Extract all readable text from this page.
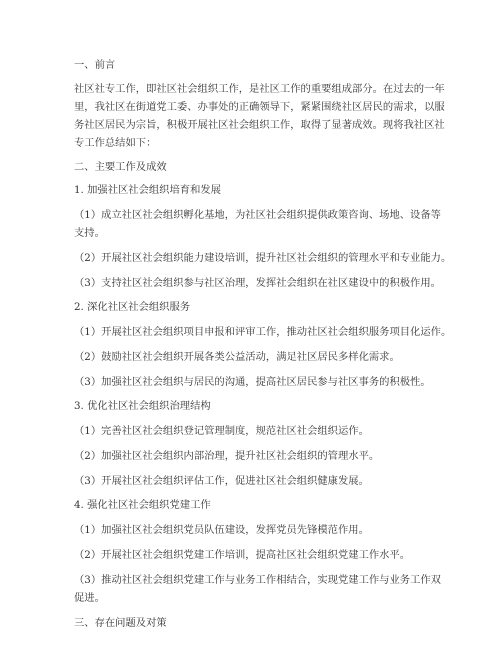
一、前言
社区社专工作，即社区社会组织工作，是社区工作的重要组成部分。在过去的一年
里，我社区在街道党工委、办事处的正确领导下，紧紧围绕社区居民的需求，以服
务社区居民为宗旨，积极开展社区社会组织工作，取得了显著成效。现将我社区社
专工作总结如下：
二、主要工作及成效
1. 加强社区社会组织培育和发展
（1）成立社区社会组织孵化基地，为社区社会组织提供政策咨询、场地、设备等
支持。
（2）开展社区社会组织能力建设培训，提升社区社会组织的管理水平和专业能力。
（3）支持社区社会组织参与社区治理，发挥社会组织在社区建设中的积极作用。
2. 深化社区社会组织服务
（1）开展社区社会组织项目申报和评审工作，推动社区社会组织服务项目化运作。
（2）鼓励社区社会组织开展各类公益活动，满足社区居民多样化需求。
（3）加强社区社会组织与居民的沟通，提高社区居民参与社区事务的积极性。
3. 优化社区社会组织治理结构
（1）完善社区社会组织登记管理制度，规范社区社会组织运作。
（2）加强社区社会组织内部治理，提升社区社会组织的管理水平。
（3）开展社区社会组织评估工作，促进社区社会组织健康发展。
4. 强化社区社会组织党建工作
（1）加强社区社会组织党员队伍建设，发挥党员先锋模范作用。
（2）开展社区社会组织党建工作培训，提高社区社会组织党建工作水平。
（3）推动社区社会组织党建工作与业务工作相结合，实现党建工作与业务工作双
促进。
三、存在问题及对策
